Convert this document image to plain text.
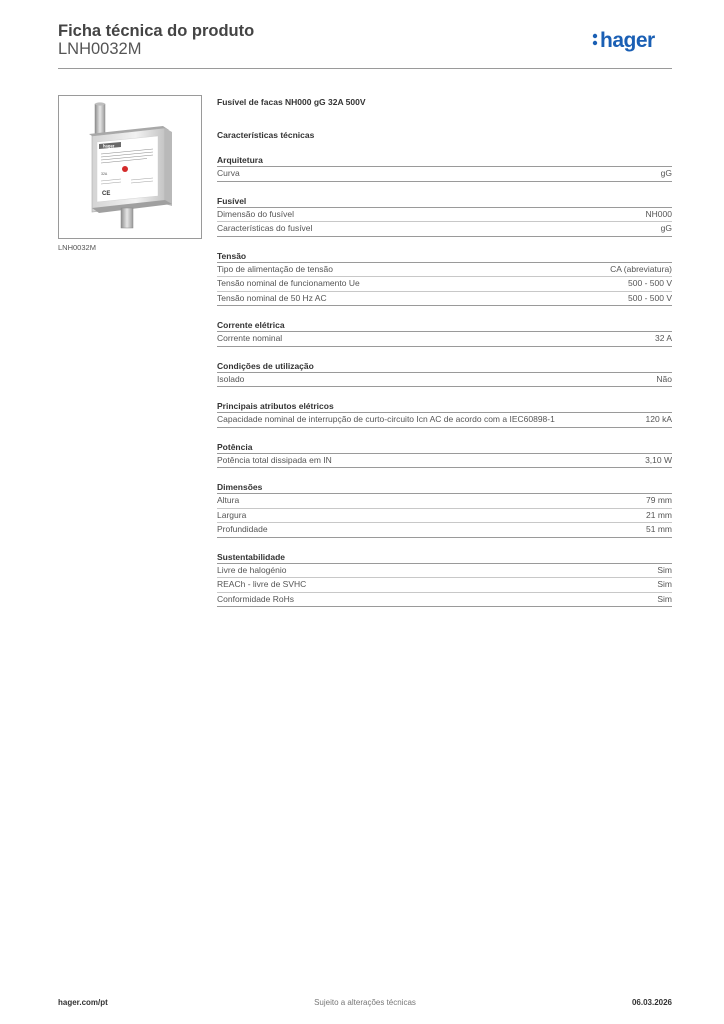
Ficha técnica do produto
LNH0032M	hager
hager
32A
CE
LNH0032M
Fusível de facas NH000 gG 32A 500V
Características técnicas
Arquitetura
Curva	gG
Fusível
Dimensão do fusível	NH000
Características do fusível	gG
Tensão
Tipo de alimentação de tensão	CA (abreviatura)
Tensão nominal de funcionamento Ue	500 - 500 V
Tensão nominal de 50 Hz AC	500 - 500 V
Corrente elétrica
Corrente nominal	32 A
Condições de utilização
Isolado	Não
Principais atributos elétricos
Capacidade nominal de interrupção de curto-circuito Icn AC de acordo com a IEC60898-1	120 kA
Potência
Potência total dissipada em IN	3,10 W
Dimensões
Altura	79 mm
Largura	21 mm
Profundidade	51 mm
Sustentabilidade
Livre de halogénio	Sim
REACh - livre de SVHC	Sim
Conformidade RoHs	Sim
hager.com/pt	Sujeito a alterações técnicas	06.03.2026
